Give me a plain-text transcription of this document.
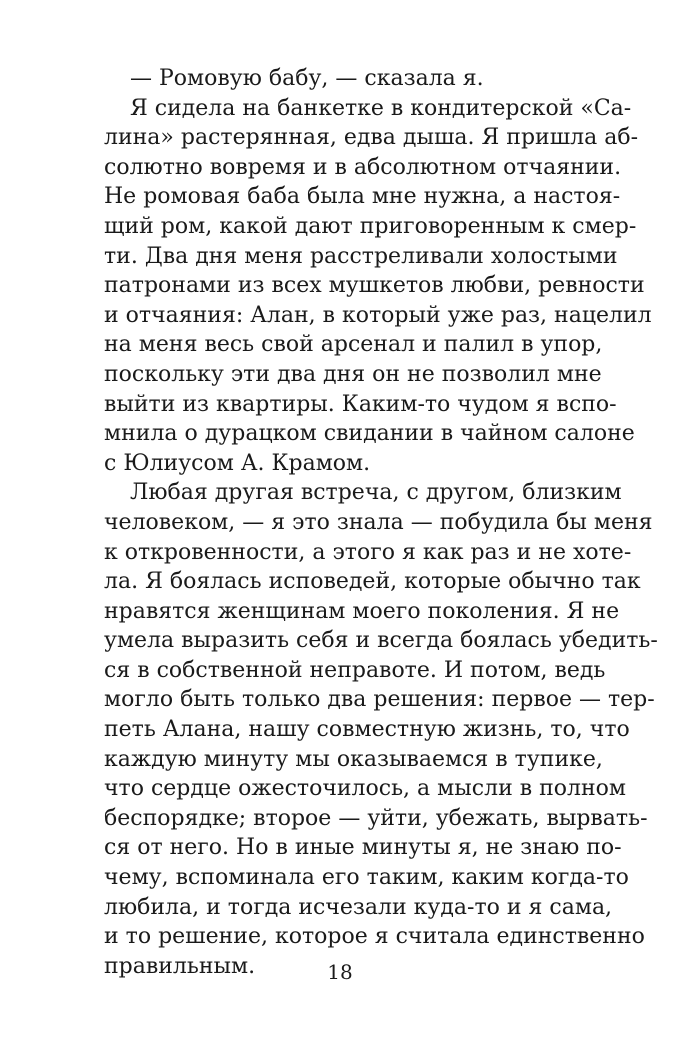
— Ромовую бабу, — сказала я.
Я сидела на банкетке в кондитерской «Са-
лина» растерянная, едва дыша. Я пришла аб-
солютно вовремя и в абсолютном отчаянии.
Не ромовая баба была мне нужна, а настоя-
щий ром, какой дают приговоренным к смер-
ти. Два дня меня расстреливали холостыми
патронами из всех мушкетов любви, ревности
и отчаяния: Алан, в который уже раз, нацелил
на меня весь свой арсенал и палил в упор,
поскольку эти два дня он не позволил мне
выйти из квартиры. Каким-то чудом я вспо-
мнила о дурацком свидании в чайном салоне
с Юлиусом А. Крамом.
Любая другая встреча, с другом, близким
человеком, — я это знала — побудила бы меня
к откровенности, а этого я как раз и не хоте-
ла. Я боялась исповедей, которые обычно так
нравятся женщинам моего поколения. Я не
умела выразить себя и всегда боялась убедить-
ся в собственной неправоте. И потом, ведь
могло быть только два решения: первое — тер-
петь Алана, нашу совместную жизнь, то, что
каждую минуту мы оказываемся в тупике,
что сердце ожесточилось, а мысли в полном
беспорядке; второе — уйти, убежать, вырвать-
ся от него. Но в иные минуты я, не знаю по-
чему, вспоминала его таким, каким когда-то
любила, и тогда исчезали куда-то и я сама,
и то решение, которое я считала единственно
правильным.	18
